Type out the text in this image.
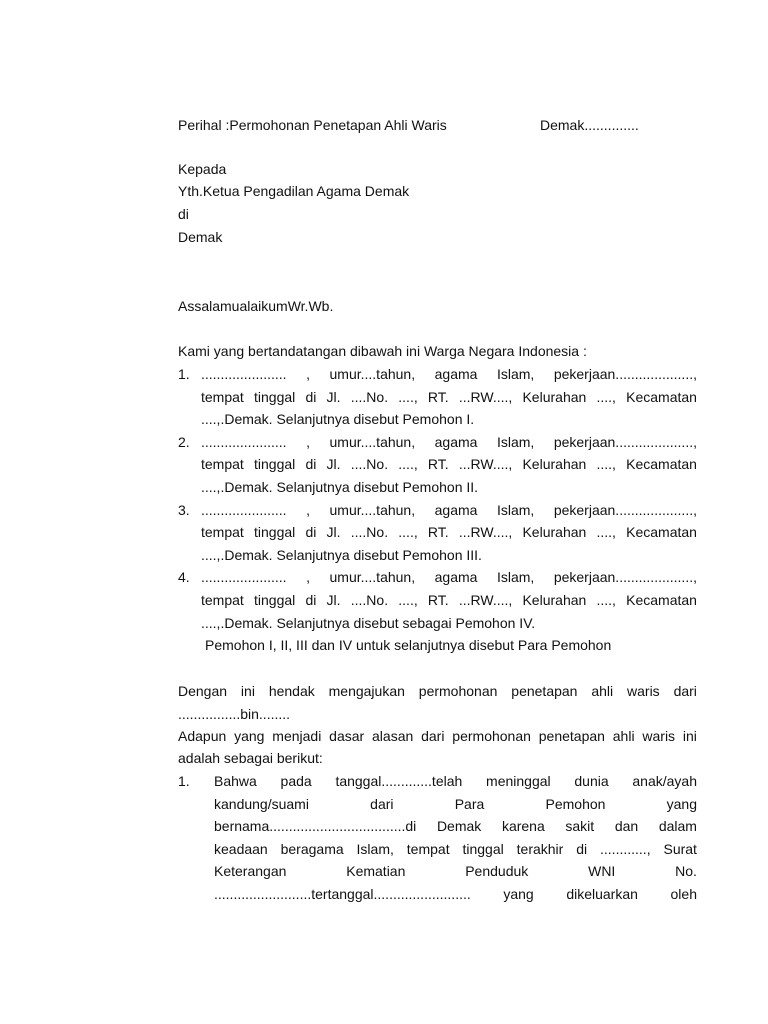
Perihal :Permohonan Penetapan Ahli Waris	Demak..............
Kepada
Yth.Ketua Pengadilan Agama Demak
di
Demak
AssalamualaikumWr.Wb.
Kami yang bertandatangan dibawah ini Warga Negara Indonesia :
1. ...................... , umur....tahun, agama Islam, pekerjaan....................,
tempat tinggal di Jl. ....No. ...., RT. ...RW...., Kelurahan ...., Kecamatan
....,.Demak. Selanjutnya disebut Pemohon I.
2. ...................... , umur....tahun, agama Islam, pekerjaan....................,
tempat tinggal di Jl. ....No. ...., RT. ...RW...., Kelurahan ...., Kecamatan
....,.Demak. Selanjutnya disebut Pemohon II.
3. ...................... , umur....tahun, agama Islam, pekerjaan....................,
tempat tinggal di Jl. ....No. ...., RT. ...RW...., Kelurahan ...., Kecamatan
....,.Demak. Selanjutnya disebut Pemohon III.
4. ...................... , umur....tahun, agama Islam, pekerjaan....................,
tempat tinggal di Jl. ....No. ...., RT. ...RW...., Kelurahan ...., Kecamatan
....,.Demak. Selanjutnya disebut sebagai Pemohon IV.
Pemohon I, II, III dan IV untuk selanjutnya disebut Para Pemohon
Dengan ini hendak mengajukan permohonan penetapan ahli waris dari
................bin........
Adapun yang menjadi dasar alasan dari permohonan penetapan ahli waris ini
adalah sebagai berikut:
1. Bahwa pada tanggal.............telah meninggal dunia anak/ayah
kandung/suami	dari	Para	Pemohon	yang
bernama...................................di Demak karena sakit dan dalam
keadaan beragama Islam, tempat tinggal terakhir di ............, Surat
Keterangan	Kematian	Penduduk	WNI	No.
.........................tertanggal......................... yang dikeluarkan oleh
